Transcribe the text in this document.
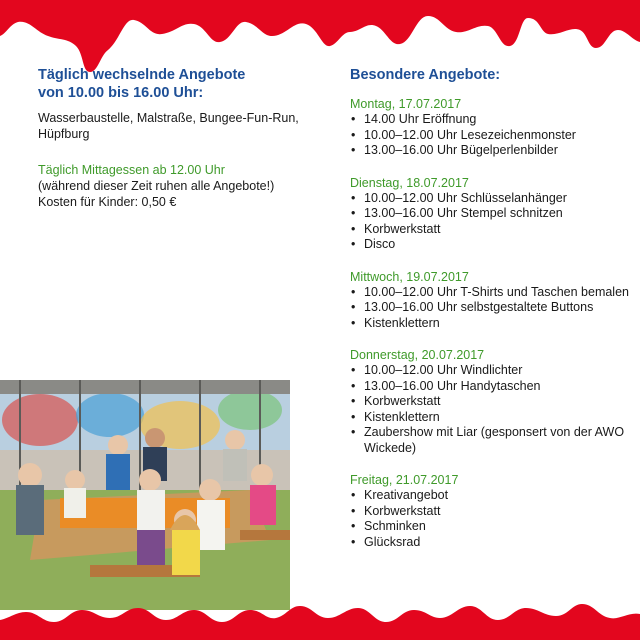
Täglich wechselnde Angebote

von 10.00 bis 16.00 Uhr:

Wasserbaustelle, Malstraße, Bungee-Fun-Run, Hüpfburg

Täglich Mittagessen ab 12.00 Uhr

(während dieser Zeit ruhen alle Angebote!)

Kosten für Kinder: 0,50 €

Besondere Angebote:

Montag, 17.07.2017

• 14.00 Uhr Eröffnung
• 10.00–12.00 Uhr Lesezeichenmonster
• 13.00–16.00 Uhr Bügelperlenbilder

Dienstag, 18.07.2017

• 10.00–12.00 Uhr Schlüsselanhänger
• 13.00–16.00 Uhr Stempel schnitzen
• Korbwerkstatt
• Disco

Mittwoch, 19.07.2017

• 10.00–12.00 Uhr T-Shirts und Taschen bemalen
• 13.00–16.00 Uhr selbstgestaltete Buttons
• Kistenklettern

Donnerstag, 20.07.2017

• 10.00–12.00 Uhr Windlichter
• 13.00–16.00 Uhr Handytaschen
• Korbwerkstatt
• Kistenklettern
• Zaubershow mit Liar (gesponsert von der AWO Wickede)

Freitag, 21.07.2017

• Kreativangebot
• Korbwerkstatt
• Schminken
• Glücksrad
